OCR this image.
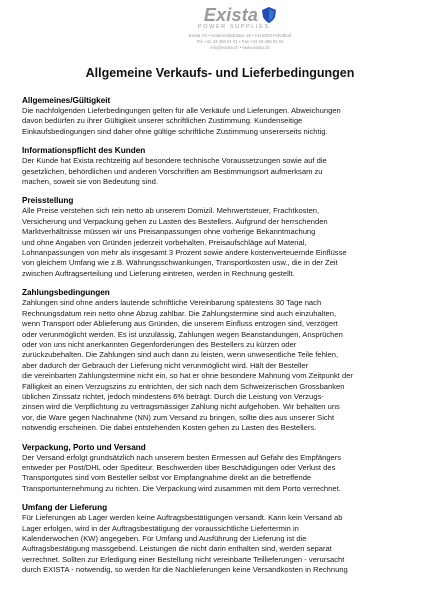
Exista
POWER SUPPLIES
Exista AG • Undermülistrasse 18 • CH-8320 Fehraltorf
Tel. +41 43 256 01 01 • Fax +41 43 256 01 02
info@exista.ch • www.exista.ch
Allgemeine Verkaufs- und Lieferbedingungen
Allgemeines/Gültigkeit

Die nachfolgenden Lieferbedingungen gelten für alle Verkäufe und Lieferungen. Abweichungen
davon bedürfen zu ihrer Gültigkeit unserer schriftlichen Zustimmung. Kundenseitige
Einkaufsbedingungen sind daher ohne gültige schriftliche Zustimmung unsererseits nichtig.

Informationspflicht des Kunden

Der Kunde hat Exista rechtzeitig auf besondere technische Voraussetzungen sowie auf die
gesetzlichen, behördlichen und anderen Vorschriften am Bestimmungsort aufmerksam zu
machen, soweit sie von Bedeutung sind.

Preisstellung

Alle Preise verstehen sich rein netto ab unserem Domizil. Mehrwertsteuer, Frachtkosten,
Versicherung und Verpackung gehen zu Lasten des Bestellers. Aufgrund der herrschenden
Marktverhältnisse müssen wir uns Preisanpassungen ohne vorherige Bekanntmachung
und ohne Angaben von Gründen jederzeit vorbehalten. Preisaufschläge auf Material,
Lohnanpassungen von mehr als insgesamt 3 Prozent sowie andere kostenverteuernde Einflüsse
von gleichem Umfang wie z.B. Währungsschwankungen, Transportkosten usw., die in der Zeit
zwischen Auftragserteilung und Lieferung eintreten, werden in Rechnung gestellt.

Zahlungsbedingungen

Zahlungen sind ohne anders lautende schriftliche Vereinbarung spätestens 30 Tage nach
Rechnungsdatum rein netto ohne Abzug zahlbar. Die Zahlungstermine sind auch einzuhalten,
wenn Transport oder Ablieferung aus Gründen, die unserem Einfluss entzogen sind, verzögert
oder verunmöglicht werden. Es ist unzulässig, Zahlungen wegen Beanstandungen, Ansprüchen
oder von uns nicht anerkannten Gegenforderungen des Bestellers zu kürzen oder
zurückzubehalten. Die Zahlungen sind auch dann zu leisten, wenn unwesentliche Teile fehlen,
aber dadurch der Gebrauch der Lieferung nicht verunmöglicht wird. Hält der Besteller
die vereinbarten Zahlungstermine nicht ein, so hat er ohne besondere Mahnung vom Zeitpunkt der
Fälligkeit an einen Verzugszins zu entrichten, der sich nach dem Schweizerischen Grossbanken
üblichen Zinssatz richtet, jedoch mindestens 6% beträgt. Durch die Leistung von Verzugs-
zinsen wird die Verpflichtung zu vertragsmässiger Zahlung nicht aufgehoben. Wir behalten uns
vor, die Ware gegen Nachnahme (NN) zum Versand zu bringen, sollte dies aus unserer Sicht
notwendig erscheinen. Die dabei entstehenden Kosten gehen zu Lasten des Bestellers.

Verpackung, Porto und Versand

Der Versand erfolgt grundsätzlich nach unserem besten Ermessen auf Gefahr des Empfängers
entweder per Post/DHL oder Spediteur. Beschwerden über Beschädigungen oder Verlust des
Transportgutes sind vom Besteller selbst vor Empfangnahme direkt an die betreffende
Transportunternehmung zu richten. Die Verpackung wird zusammen mit dem Porto verrechnet.

Umfang der Lieferung

Für Lieferungen ab Lager werden keine Auftragsbestätigungen versandt. Kann kein Versand ab
Lager erfolgen, wird in der Auftragsbestätigung der voraussichtliche Liefertermin in
Kalenderwochen (KW) angegeben. Für Umfang und Ausführung der Lieferung ist die
Auftragsbestätigung massgebend. Leistungen die nicht darin enthalten sind, werden separat
verrechnet. Sollten zur Erledigung einer Bestellung nicht vereinbarte Teillieferungen - verursacht
durch EXISTA - notwendig, so werden für die Nachlieferungen keine Versandkosten in Rechnung
